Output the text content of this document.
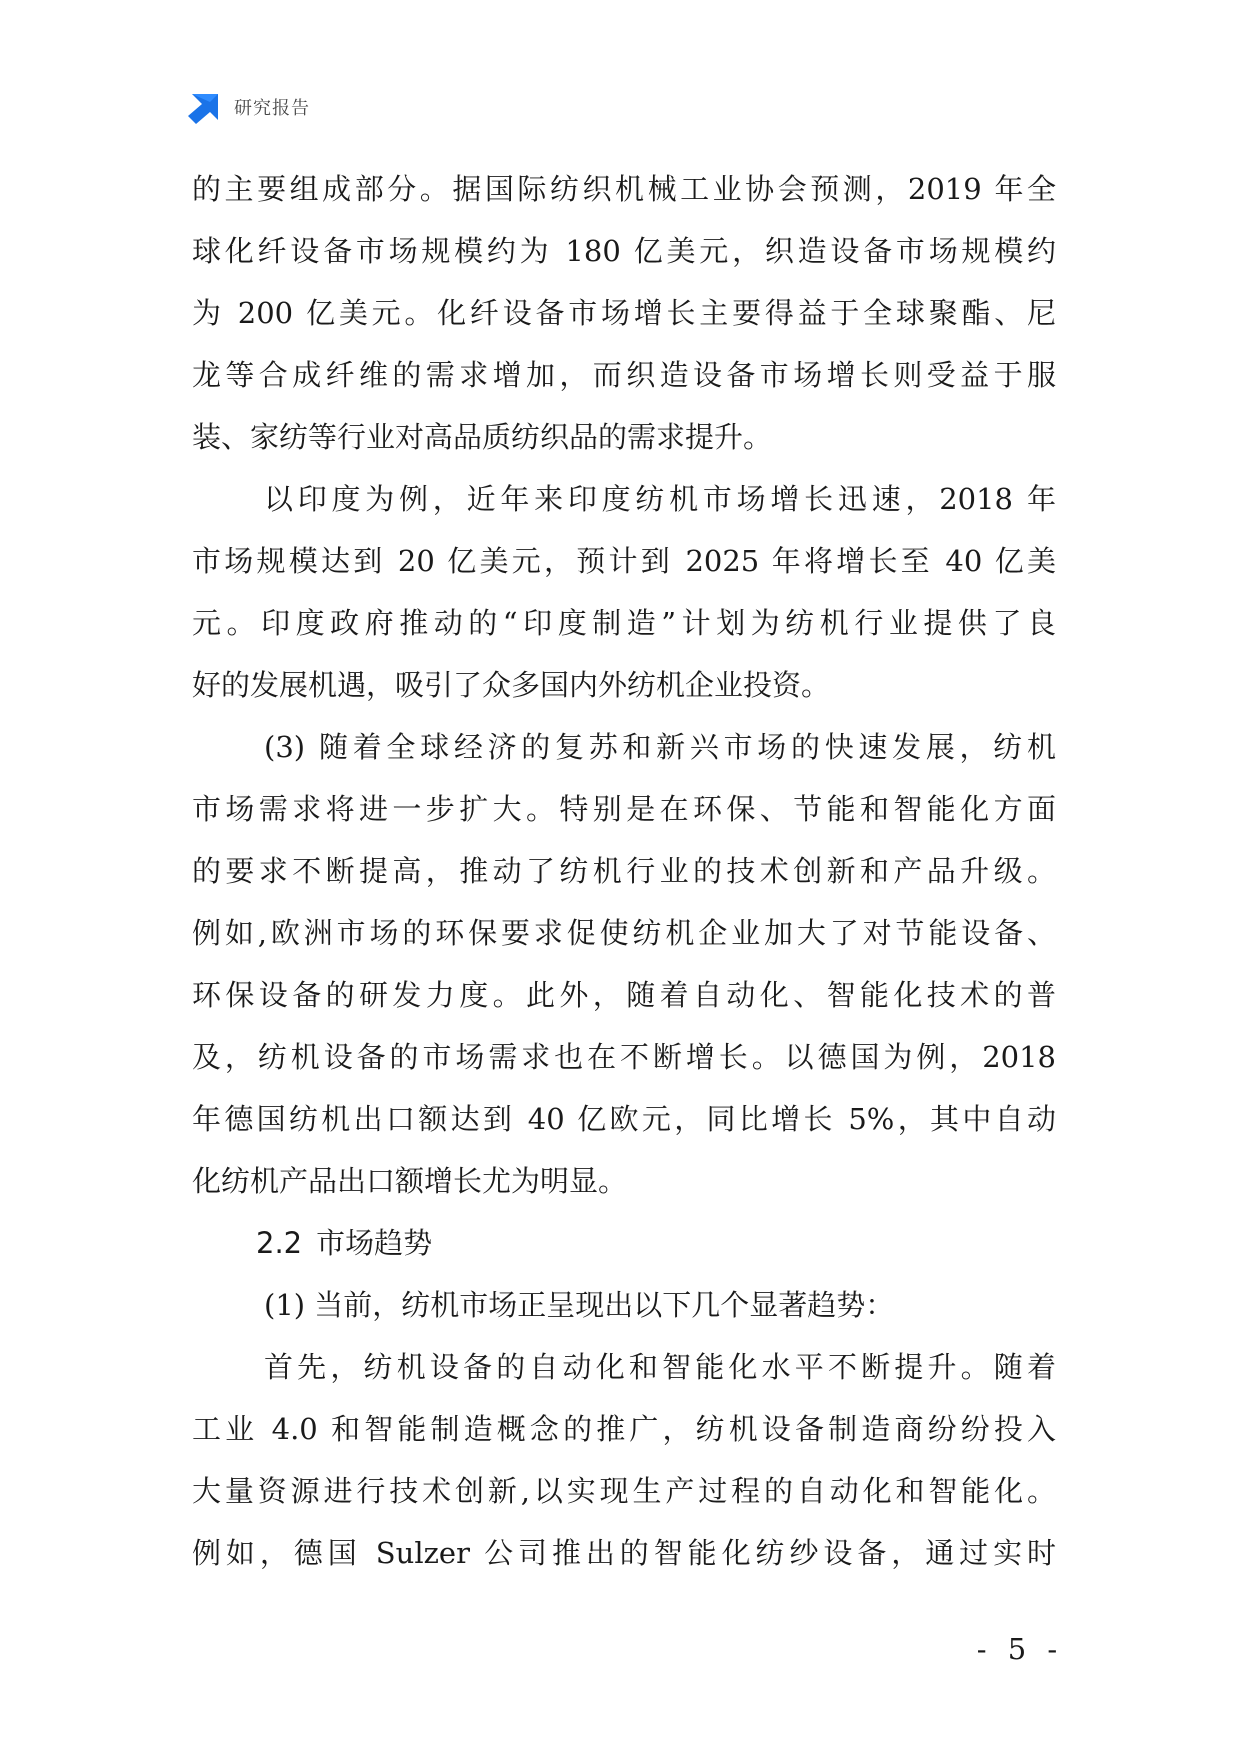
研究报告
的主要组成部分。据国际纺织机械工业协会预测，2019 年全
球化纤设备市场规模约为 180 亿美元，织造设备市场规模约
为 200 亿美元。化纤设备市场增长主要得益于全球聚酯、尼
龙等合成纤维的需求增加，而织造设备市场增长则受益于服
装、家纺等行业对高品质纺织品的需求提升。
以印度为例，近年来印度纺机市场增长迅速，2018 年
市场规模达到 20 亿美元，预计到 2025 年将增长至 40 亿美
元。印度政府推动的“印度制造”计划为纺机行业提供了良
好的发展机遇，吸引了众多国内外纺机企业投资。
(3) 随着全球经济的复苏和新兴市场的快速发展，纺机
市场需求将进一步扩大。特别是在环保、节能和智能化方面
的要求不断提高，推动了纺机行业的技术创新和产品升级。
例如,欧洲市场的环保要求促使纺机企业加大了对节能设备、
环保设备的研发力度。此外，随着自动化、智能化技术的普
及，纺机设备的市场需求也在不断增长。以德国为例，2018
年德国纺机出口额达到 40 亿欧元，同比增长 5%，其中自动
化纺机产品出口额增长尤为明显。
2.2 市场趋势
(1) 当前，纺机市场正呈现出以下几个显著趋势：
首先，纺机设备的自动化和智能化水平不断提升。随着
工业 4.0 和智能制造概念的推广，纺机设备制造商纷纷投入
大量资源进行技术创新,以实现生产过程的自动化和智能化。
例如，德国 Sulzer 公司推出的智能化纺纱设备，通过实时
- 5 -
